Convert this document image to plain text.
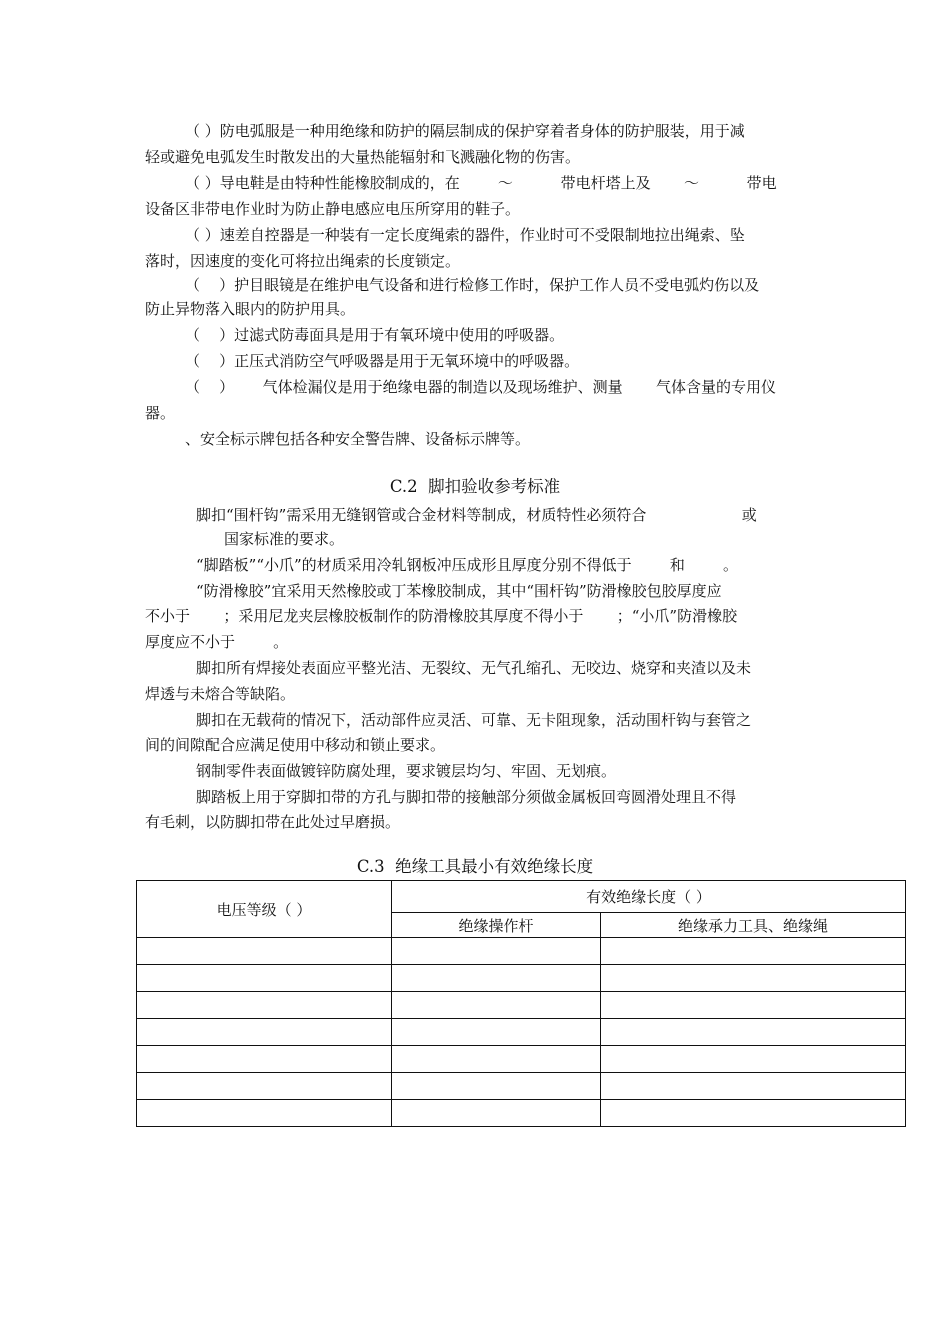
（ ）防电弧服是一种用绝缘和防护的隔层制成的保护穿着者身体的防护服装，用于减
轻或避免电弧发生时散发出的大量热能辐射和飞溅融化物的伤害。
（ ）导电鞋是由特种性能橡胶制成的，在        ～          带电杆塔上及       ～          带电
设备区非带电作业时为防止静电感应电压所穿用的鞋子。
（ ）速差自控器是一种装有一定长度绳索的器件，作业时可不受限制地拉出绳索、坠
落时，因速度的变化可将拉出绳索的长度锁定。
（    ）护目眼镜是在维护电气设备和进行检修工作时，保护工作人员不受电弧灼伤以及
防止异物落入眼内的防护用具。
（    ）过滤式防毒面具是用于有氧环境中使用的呼吸器。
（    ）正压式消防空气呼吸器是用于无氧环境中的呼吸器。
（    ）      气体检漏仪是用于绝缘电器的制造以及现场维护、测量       气体含量的专用仪
器。
、安全标示牌包括各种安全警告牌、设备标示牌等。
C.2  脚扣验收参考标准
脚扣“围杆钩”需采用无缝钢管或合金材料等制成，材质特性必须符合                    或
国家标准的要求。
“脚踏板”“小爪”的材质采用冷轧钢板冲压成形且厚度分别不得低于        和        。
“防滑橡胶”宜采用天然橡胶或丁苯橡胶制成，其中“围杆钩”防滑橡胶包胶厚度应
不小于       ；采用尼龙夹层橡胶板制作的防滑橡胶其厚度不得小于       ；“小爪”防滑橡胶
厚度应不小于        。
脚扣所有焊接处表面应平整光洁、无裂纹、无气孔缩孔、无咬边、烧穿和夹渣以及未
焊透与未熔合等缺陷。
脚扣在无载荷的情况下，活动部件应灵活、可靠、无卡阻现象，活动围杆钩与套管之
间的间隙配合应满足使用中移动和锁止要求。
钢制零件表面做镀锌防腐处理，要求镀层均匀、牢固、无划痕。
脚踏板上用于穿脚扣带的方孔与脚扣带的接触部分须做金属板回弯圆滑处理且不得
有毛刺，以防脚扣带在此处过早磨损。
C.3  绝缘工具最小有效绝缘长度
电压等级（ ）	有效绝缘长度（ ）	
	绝缘操作杆	绝缘承力工具、绝缘绳
